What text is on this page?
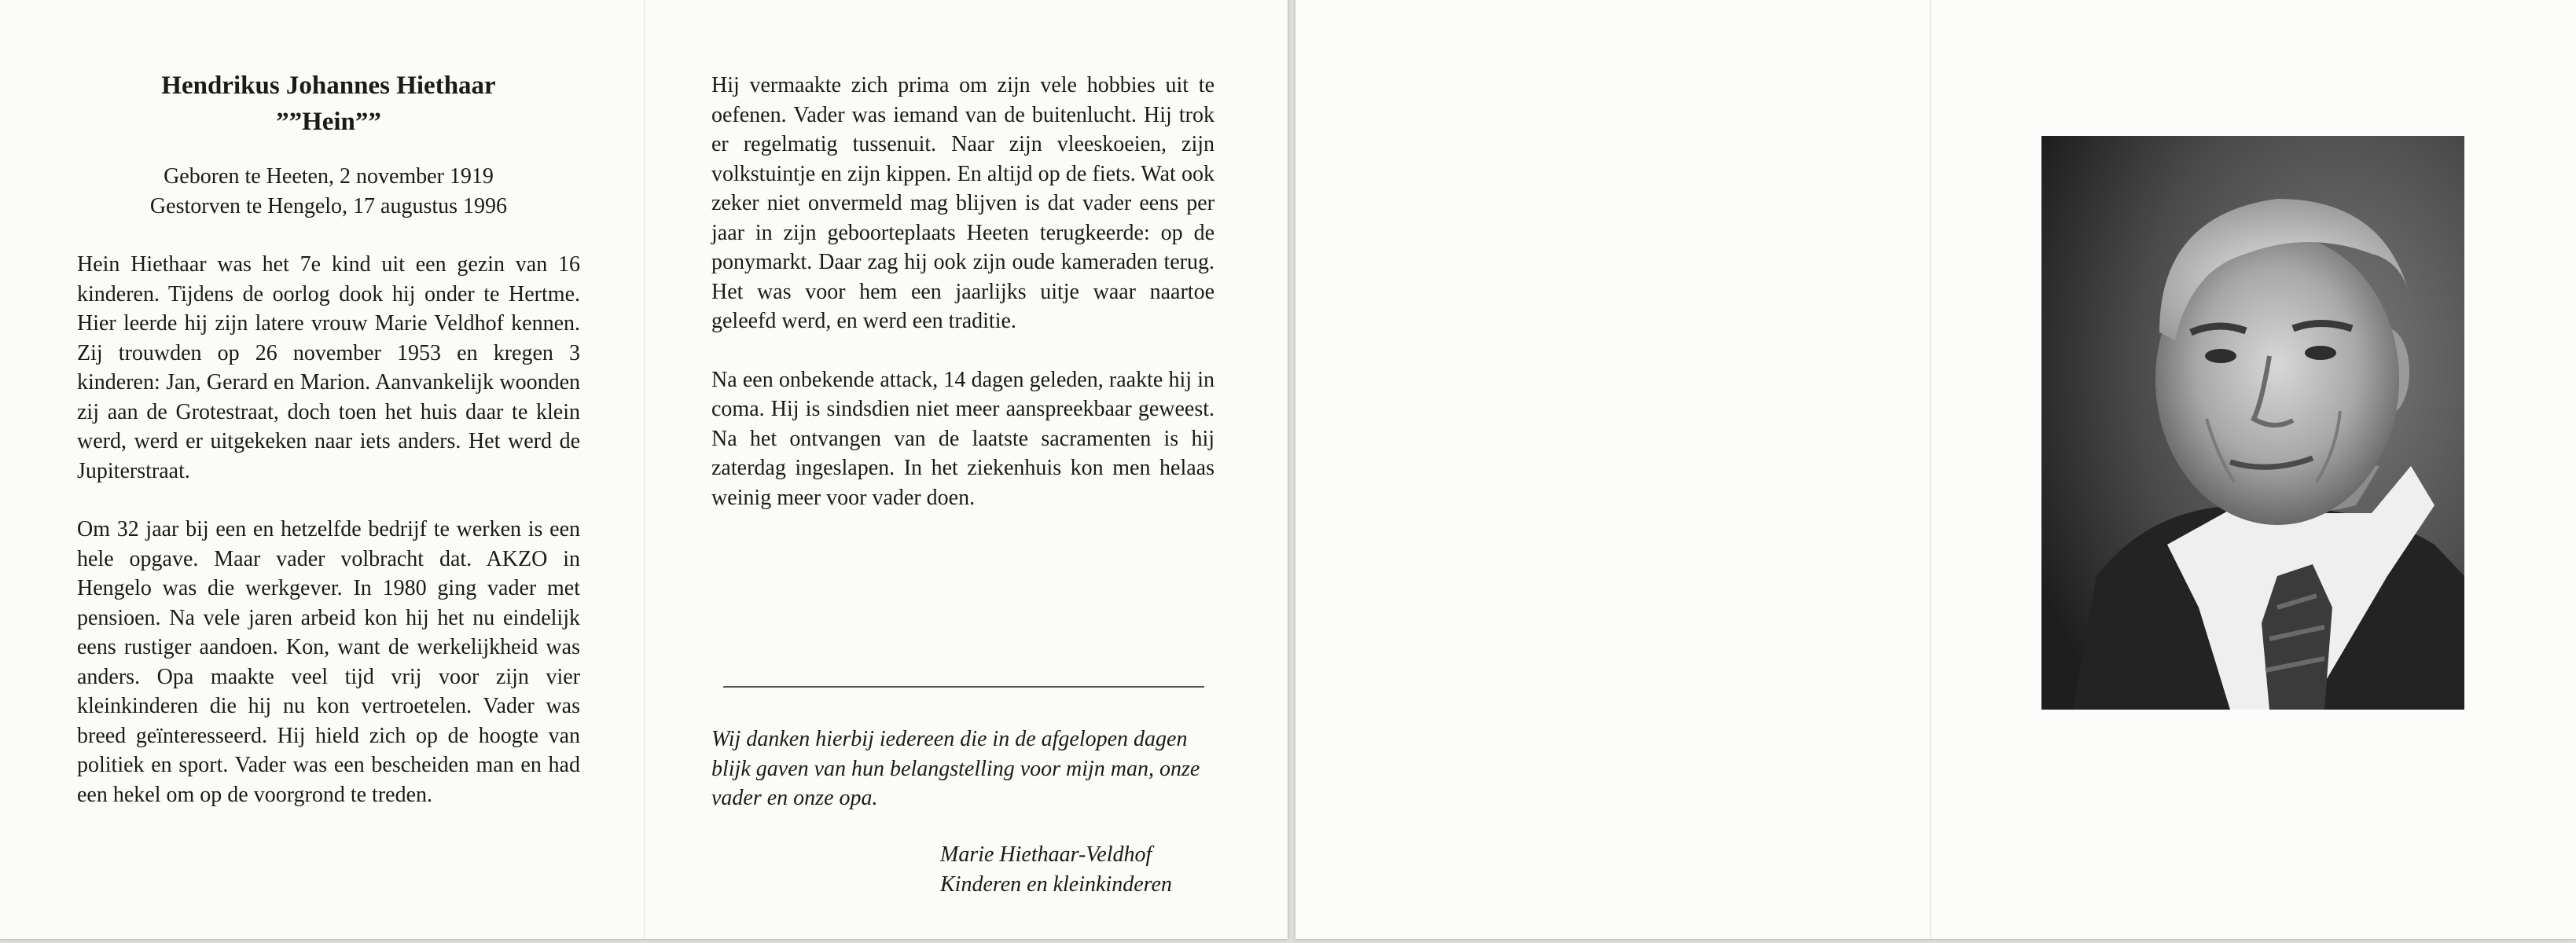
Hendrikus Johannes Hiethaar
””Hein””
Geboren te Heeten, 2 november 1919
Gestorven te Hengelo, 17 augustus 1996

Hein Hiethaar was het 7e kind uit een gezin van 16 kinderen. Tijdens de oorlog dook hij onder te Hertme. Hier leerde hij zijn latere vrouw Marie Veldhof kennen. Zij trouwden op 26 november 1953 en kregen 3 kinderen: Jan, Gerard en Marion. Aanvankelijk woonden zij aan de Grotestraat, doch toen het huis daar te klein werd, werd er uitgekeken naar iets anders. Het werd de Jupiterstraat.

Om 32 jaar bij een en hetzelfde bedrijf te werken is een hele opgave. Maar vader volbracht dat. AKZO in Hengelo was die werkgever. In 1980 ging vader met pensioen. Na vele jaren arbeid kon hij het nu eindelijk eens rustiger aandoen. Kon, want de werkelijkheid was anders. Opa maakte veel tijd vrij voor zijn vier kleinkinderen die hij nu kon vertroetelen. Vader was breed geïnteresseerd. Hij hield zich op de hoogte van politiek en sport. Vader was een bescheiden man en had een hekel om op de voorgrond te treden.

Hij vermaakte zich prima om zijn vele hobbies uit te oefenen. Vader was iemand van de buitenlucht. Hij trok er regelmatig tussenuit. Naar zijn vleeskoeien, zijn volkstuintje en zijn kippen. En altijd op de fiets. Wat ook zeker niet onvermeld mag blijven is dat vader eens per jaar in zijn geboorteplaats Heeten terugkeerde: op de ponymarkt. Daar zag hij ook zijn oude kameraden terug. Het was voor hem een jaarlijks uitje waar naartoe geleefd werd, en werd een traditie.

Na een onbekende attack, 14 dagen geleden, raakte hij in coma. Hij is sindsdien niet meer aanspreekbaar geweest. Na het ontvangen van de laatste sacramenten is hij zaterdag ingeslapen. In het ziekenhuis kon men helaas weinig meer voor vader doen.

Wij danken hierbij iedereen die in de afgelopen dagen blijk gaven van hun belangstelling voor mijn man, onze vader en onze opa.

Marie Hiethaar-Veldhof
Kinderen en kleinkinderen
